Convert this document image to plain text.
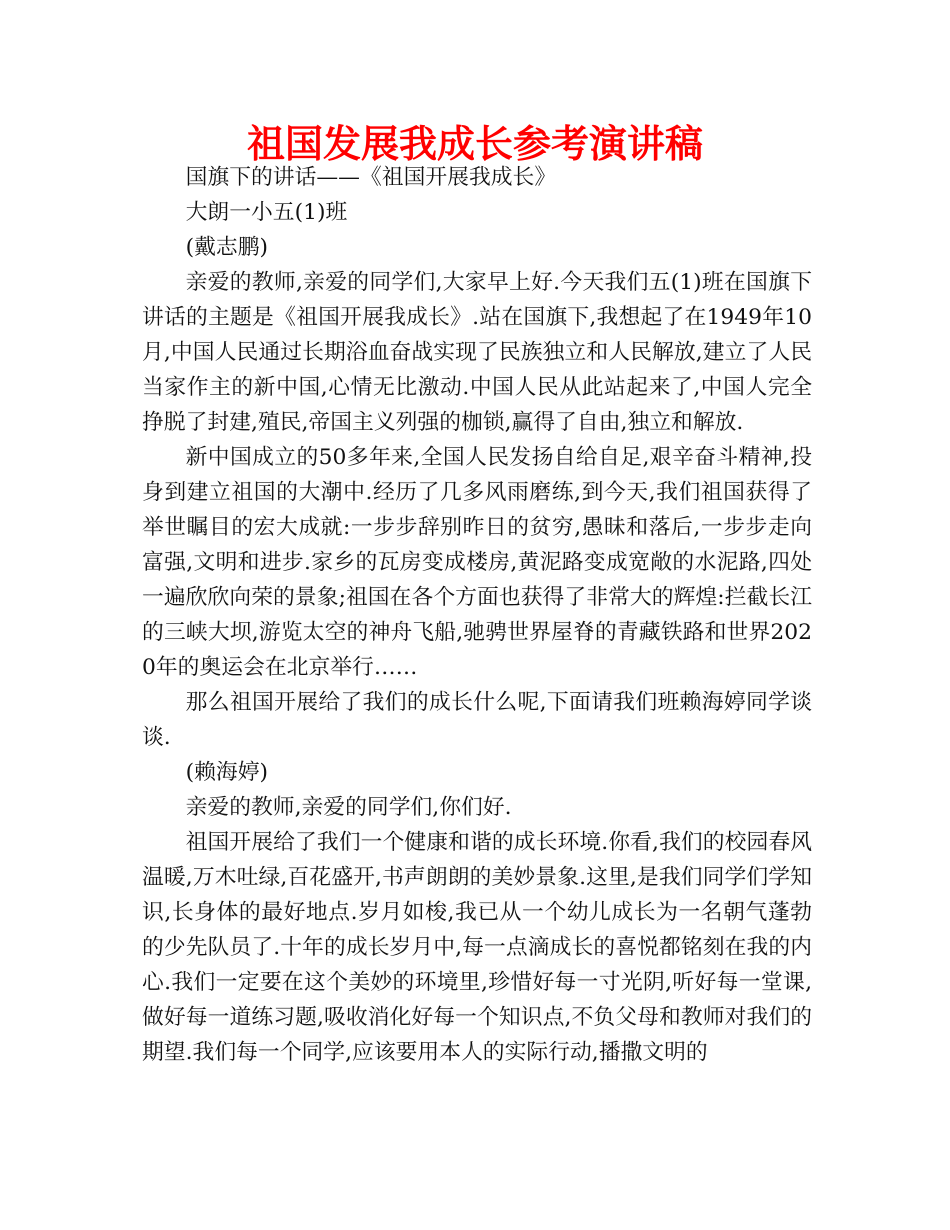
祖国发展我成长参考演讲稿

国旗下的讲话——《祖国开展我成长》

大朗一小五(1)班

(戴志鹏)

亲爱的教师,亲爱的同学们,大家早上好.今天我们五(1)班在国旗下讲话的主题是《祖国开展我成长》.站在国旗下,我想起了在1949年10月,中国人民通过长期浴血奋战实现了民族独立和人民解放,建立了人民当家作主的新中国,心情无比激动.中国人民从此站起来了,中国人完全挣脱了封建,殖民,帝国主义列强的枷锁,赢得了自由,独立和解放.

新中国成立的50多年来,全国人民发扬自给自足,艰辛奋斗精神,投身到建立祖国的大潮中.经历了几多风雨磨练,到今天,我们祖国获得了举世瞩目的宏大成就:一步步辞别昨日的贫穷,愚昧和落后,一步步走向富强,文明和进步.家乡的瓦房变成楼房,黄泥路变成宽敞的水泥路,四处一遍欣欣向荣的景象;祖国在各个方面也获得了非常大的辉煌:拦截长江的三峡大坝,游览太空的神舟飞船,驰骋世界屋脊的青藏铁路和世界2020年的奥运会在北京举行……

那么祖国开展给了我们的成长什么呢,下面请我们班赖海婷同学谈谈.

(赖海婷)

亲爱的教师,亲爱的同学们,你们好.

祖国开展给了我们一个健康和谐的成长环境.你看,我们的校园春风温暖,万木吐绿,百花盛开,书声朗朗的美妙景象.这里,是我们同学们学知识,长身体的最好地点.岁月如梭,我已从一个幼儿成长为一名朝气蓬勃的少先队员了.十年的成长岁月中,每一点滴成长的喜悦都铭刻在我的内心.我们一定要在这个美妙的环境里,珍惜好每一寸光阴,听好每一堂课,做好每一道练习题,吸收消化好每一个知识点,不负父母和教师对我们的期望.我们每一个同学,应该要用本人的实际行动,播撒文明的
